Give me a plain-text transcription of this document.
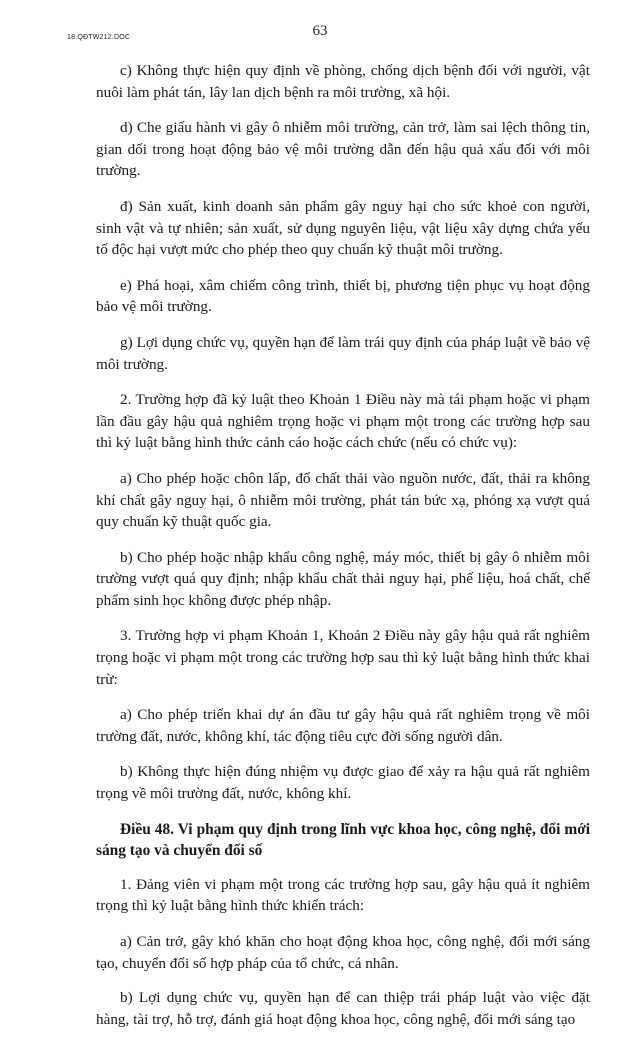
18.QĐTW212.DOC	63

c) Không thực hiện quy định về phòng, chống dịch bệnh đối với người, vật nuôi làm phát tán, lây lan dịch bệnh ra môi trường, xã hội.

d) Che giấu hành vi gây ô nhiễm môi trường, cản trở, làm sai lệch thông tin, gian dối trong hoạt động bảo vệ môi trường dẫn đến hậu quả xấu đối với môi trường.

đ) Sản xuất, kinh doanh sản phẩm gây nguy hại cho sức khoẻ con người, sinh vật và tự nhiên; sản xuất, sử dụng nguyên liệu, vật liệu xây dựng chứa yếu tố độc hại vượt mức cho phép theo quy chuẩn kỹ thuật môi trường.

e) Phá hoại, xâm chiếm công trình, thiết bị, phương tiện phục vụ hoạt động bảo vệ môi trường.

g) Lợi dụng chức vụ, quyền hạn để làm trái quy định của pháp luật về bảo vệ môi trường.

2. Trường hợp đã kỷ luật theo Khoản 1 Điều này mà tái phạm hoặc vi phạm lần đầu gây hậu quả nghiêm trọng hoặc vi phạm một trong các trường hợp sau thì kỷ luật bằng hình thức cảnh cáo hoặc cách chức (nếu có chức vụ):

a) Cho phép hoặc chôn lấp, đổ chất thải vào nguồn nước, đất, thải ra không khí chất gây nguy hại, ô nhiễm môi trường, phát tán bức xạ, phóng xạ vượt quá quy chuẩn kỹ thuật quốc gia.

b) Cho phép hoặc nhập khẩu công nghệ, máy móc, thiết bị gây ô nhiễm môi trường vượt quá quy định; nhập khẩu chất thải nguy hại, phế liệu, hoá chất, chế phẩm sinh học không được phép nhập.

3. Trường hợp vi phạm Khoản 1, Khoản 2 Điều này gây hậu quả rất nghiêm trọng hoặc vi phạm một trong các trường hợp sau thì kỷ luật bằng hình thức khai trừ:

a) Cho phép triển khai dự án đầu tư gây hậu quả rất nghiêm trọng về môi trường đất, nước, không khí, tác động tiêu cực đời sống người dân.

b) Không thực hiện đúng nhiệm vụ được giao để xảy ra hậu quả rất nghiêm trọng về môi trường đất, nước, không khí.

Điều 48. Vi phạm quy định trong lĩnh vực khoa học, công nghệ, đổi mới sáng tạo và chuyển đổi số

1. Đảng viên vi phạm một trong các trường hợp sau, gây hậu quả ít nghiêm trọng thì kỷ luật bằng hình thức khiển trách:

a) Cản trở, gây khó khăn cho hoạt động khoa học, công nghệ, đổi mới sáng tạo, chuyển đổi số hợp pháp của tổ chức, cá nhân.

b) Lợi dụng chức vụ, quyền hạn để can thiệp trái pháp luật vào việc đặt hàng, tài trợ, hỗ trợ, đánh giá hoạt động khoa học, công nghệ, đổi mới sáng tạo
